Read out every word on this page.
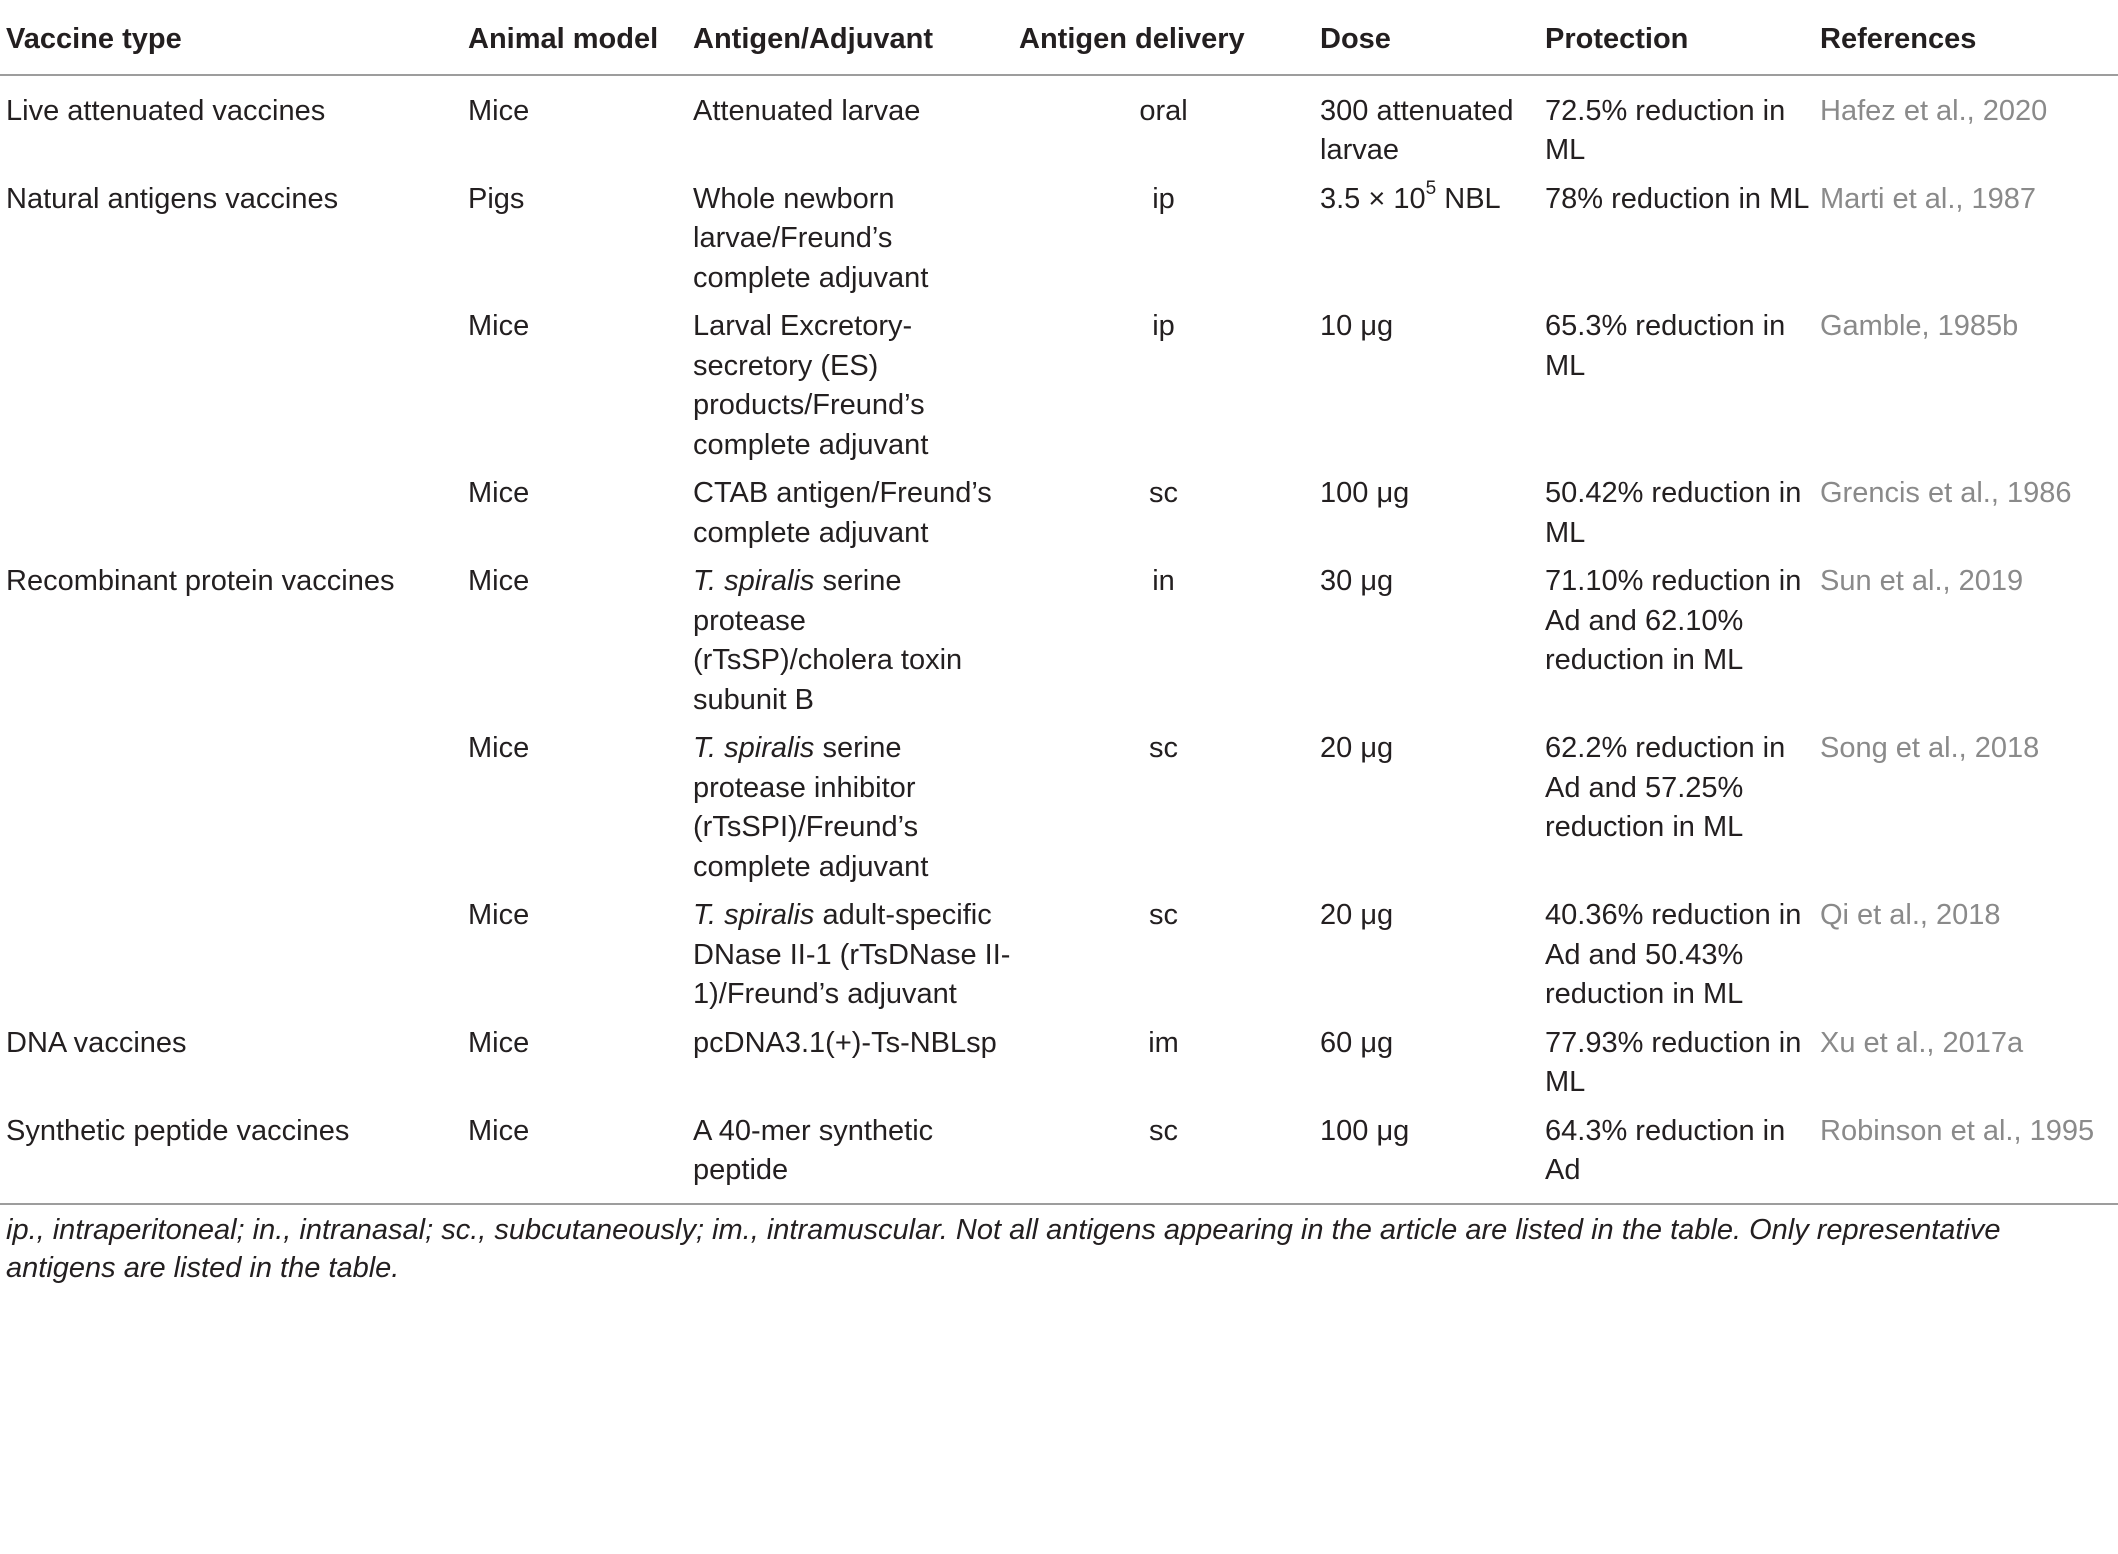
Vaccine type	Animal model	Antigen/Adjuvant	Antigen delivery	Dose	Protection	References
Live attenuated vaccines	Mice	Attenuated larvae	oral	300 attenuated larvae	72.5% reduction in ML	Hafez et al., 2020
Natural antigens vaccines	Pigs	Whole newborn larvae/Freund’s complete adjuvant	ip	$3.5 \times 10^5$ NBL	78% reduction in ML	Marti et al., 1987
	Mice	Larval Excretory-secretory (ES) products/Freund’s complete adjuvant	ip	10 μg	65.3% reduction in ML	Gamble, 1985b
	Mice	CTAB antigen/Freund’s complete adjuvant	sc	100 μg	50.42% reduction in ML	Grencis et al., 1986
Recombinant protein vaccines	Mice	T. spiralis serine protease (rTsSP)/cholera toxin subunit B	in	30 μg	71.10% reduction in Ad and 62.10% reduction in ML	Sun et al., 2019
	Mice	T. spiralis serine protease inhibitor (rTsSPI)/Freund’s complete adjuvant	sc	20 μg	62.2% reduction in Ad and 57.25% reduction in ML	Song et al., 2018
	Mice	T. spiralis adult-specific DNase II-1 (rTsDNase II-1)/Freund’s adjuvant	sc	20 μg	40.36% reduction in Ad and 50.43% reduction in ML	Qi et al., 2018
DNA vaccines	Mice	pcDNA3.1(+)-Ts-NBLsp	im	60 μg	77.93% reduction in ML	Xu et al., 2017a
Synthetic peptide vaccines	Mice	A 40-mer synthetic peptide	sc	100 μg	64.3% reduction in Ad	Robinson et al., 1995
ip., intraperitoneal; in., intranasal; sc., subcutaneously; im., intramuscular. Not all antigens appearing in the article are listed in the table. Only representative antigens are listed in the table.
